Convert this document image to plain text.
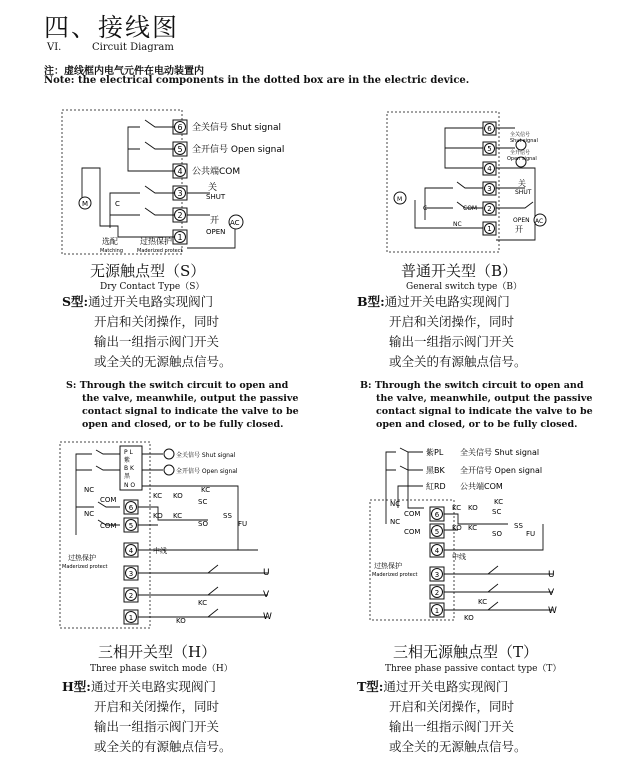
四、接线图
VI.	Circuit Diagram
注：虚线框内电气元件在电动装置内
Note: the electrical components in the dotted box are in the electric device.
6
5
4
3
2
1
M	C
全关信号 Shut signal
全开信号 Open signal
公共端COM
关
SHUT
开
OPEN
AC
选配
Matching
过热保护
Maderized protect
无源触点型（S）
Dry Contact Type（S）
S型:通过开关电路实现阀门
开启和关闭操作，同时
输出一组指示阀门开关
或全关的无源触点信号。
S: Through the switch circuit to open and
the valve, meanwhile, output the passive
contact signal to indicate the valve to be
open and closed, or to be fully closed.
6
5
4
3
2
1
M
C
全关信号
Shut signal
全开信号
Open signal
关
SHUT
COM
NC
OPEN
开
AC
普通开关型（B）
General switch type（B）
B型:通过开关电路实现阀门
开启和关闭操作，同时
输出一组指示阀门开关
或全关的有源触点信号。
B: Through the switch circuit to open and
the valve, meanwhile, output the passive
contact signal to indicate the valve to be
open and closed, or to be fully closed.
P L
紫
B K
黑
N O
6
5
4
3
2
1
全关信号 Shut signal
全开信号 Open signal
NC
COM
NC
COM
KC KO
KC
SC
KO KC
SO
SS
FU
中线
过热保护
Maderized protect
KC
KO
U
V
W
三相开关型（H）
Three phase switch mode（H）
H型:通过开关电路实现阀门
开启和关闭操作，同时
输出一组指示阀门开关
或全关的有源触点信号。
紫PL
黑BK
紅RD
全关信号 Shut signal
全开信号 Open signal
公共端COM
6
5
4
3
2
1
NC
COM
NC
COM
KC KO
KC
SC
KO KC
SO
SS
FU
中线
过热保护
Maderized protect
KC
KO
U
V
W
三相无源触点型（T）
Three phase passive contact type（T）
T型:通过开关电路实现阀门
开启和关闭操作，同时
输出一组指示阀门开关
或全关的无源触点信号。
